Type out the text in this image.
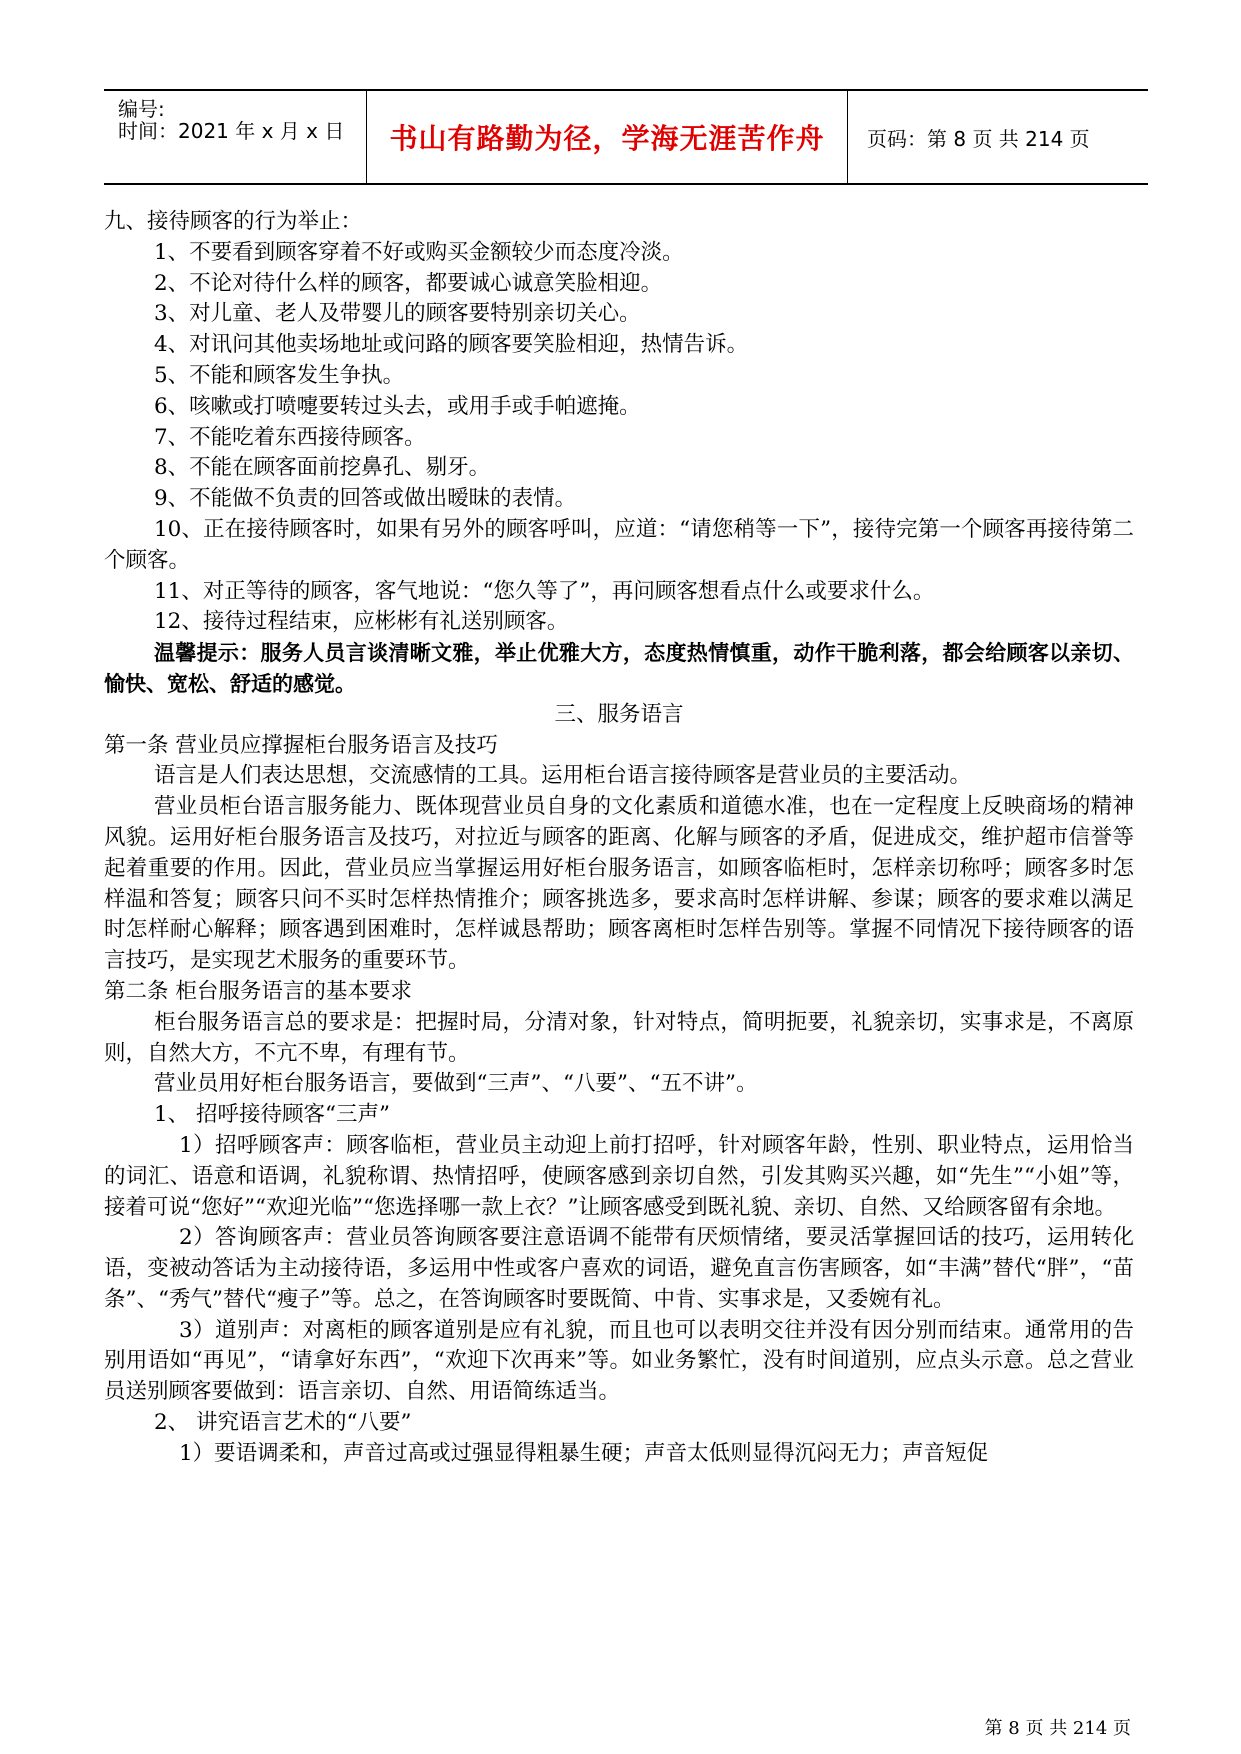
编号:
时间：2021 年 x 月 x 日 书山有路勤为径，学海无涯苦作舟	页码：第 8 页 共 214 页

九、接待顾客的行为举止：

1、不要看到顾客穿着不好或购买金额较少而态度冷淡。

2、不论对待什么样的顾客，都要诚心诚意笑脸相迎。

3、对儿童、老人及带婴儿的顾客要特别亲切关心。

4、对讯问其他卖场地址或问路的顾客要笑脸相迎，热情告诉。

5、不能和顾客发生争执。

6、咳嗽或打喷嚏要转过头去，或用手或手帕遮掩。

7、不能吃着东西接待顾客。

8、不能在顾客面前挖鼻孔、剔牙。

9、不能做不负责的回答或做出暧昧的表情。

10、正在接待顾客时，如果有另外的顾客呼叫，应道：“请您稍等一下”，接待完第一个顾客再接待第二个顾客。

11、对正等待的顾客，客气地说：“您久等了”，再问顾客想看点什么或要求什么。

12、接待过程结束，应彬彬有礼送别顾客。

温馨提示：服务人员言谈清晰文雅，举止优雅大方，态度热情慎重，动作干脆利落，都会给顾客以亲切、愉快、宽松、舒适的感觉。

三、服务语言

第一条 营业员应撑握柜台服务语言及技巧

语言是人们表达思想，交流感情的工具。运用柜台语言接待顾客是营业员的主要活动。

营业员柜台语言服务能力、既体现营业员自身的文化素质和道德水准，也在一定程度上反映商场的精神风貌。运用好柜台服务语言及技巧，对拉近与顾客的距离、化解与顾客的矛盾，促进成交，维护超市信誉等起着重要的作用。因此，营业员应当掌握运用好柜台服务语言，如顾客临柜时，怎样亲切称呼；顾客多时怎样温和答复；顾客只问不买时怎样热情推介；顾客挑选多，要求高时怎样讲解、参谋；顾客的要求难以满足时怎样耐心解释；顾客遇到困难时，怎样诚恳帮助；顾客离柜时怎样告别等。掌握不同情况下接待顾客的语言技巧，是实现艺术服务的重要环节。

第二条 柜台服务语言的基本要求

柜台服务语言总的要求是：把握时局，分清对象，针对特点，简明扼要，礼貌亲切，实事求是，不离原则，自然大方，不亢不卑，有理有节。

营业员用好柜台服务语言，要做到“三声”、“八要”、“五不讲”。

1、 招呼接待顾客“三声”

1）招呼顾客声：顾客临柜，营业员主动迎上前打招呼，针对顾客年龄，性别、职业特点，运用恰当的词汇、语意和语调，礼貌称谓、热情招呼，使顾客感到亲切自然，引发其购买兴趣，如“先生”“小姐”等，接着可说“您好”“欢迎光临”“您选择哪一款上衣？”让顾客感受到既礼貌、亲切、自然、又给顾客留有余地。

2）答询顾客声：营业员答询顾客要注意语调不能带有厌烦情绪，要灵活掌握回话的技巧，运用转化语，变被动答话为主动接待语，多运用中性或客户喜欢的词语，避免直言伤害顾客，如“丰满”替代“胖”，“苗条”、“秀气”替代“瘦子”等。总之，在答询顾客时要既简、中肯、实事求是，又委婉有礼。

3）道别声：对离柜的顾客道别是应有礼貌，而且也可以表明交往并没有因分别而结束。通常用的告别用语如“再见”，“请拿好东西”，“欢迎下次再来”等。如业务繁忙，没有时间道别，应点头示意。总之营业员送别顾客要做到：语言亲切、自然、用语简练适当。

2、 讲究语言艺术的“八要”

1）要语调柔和，声音过高或过强显得粗暴生硬；声音太低则显得沉闷无力；声音短促

第 8 页 共 214 页
